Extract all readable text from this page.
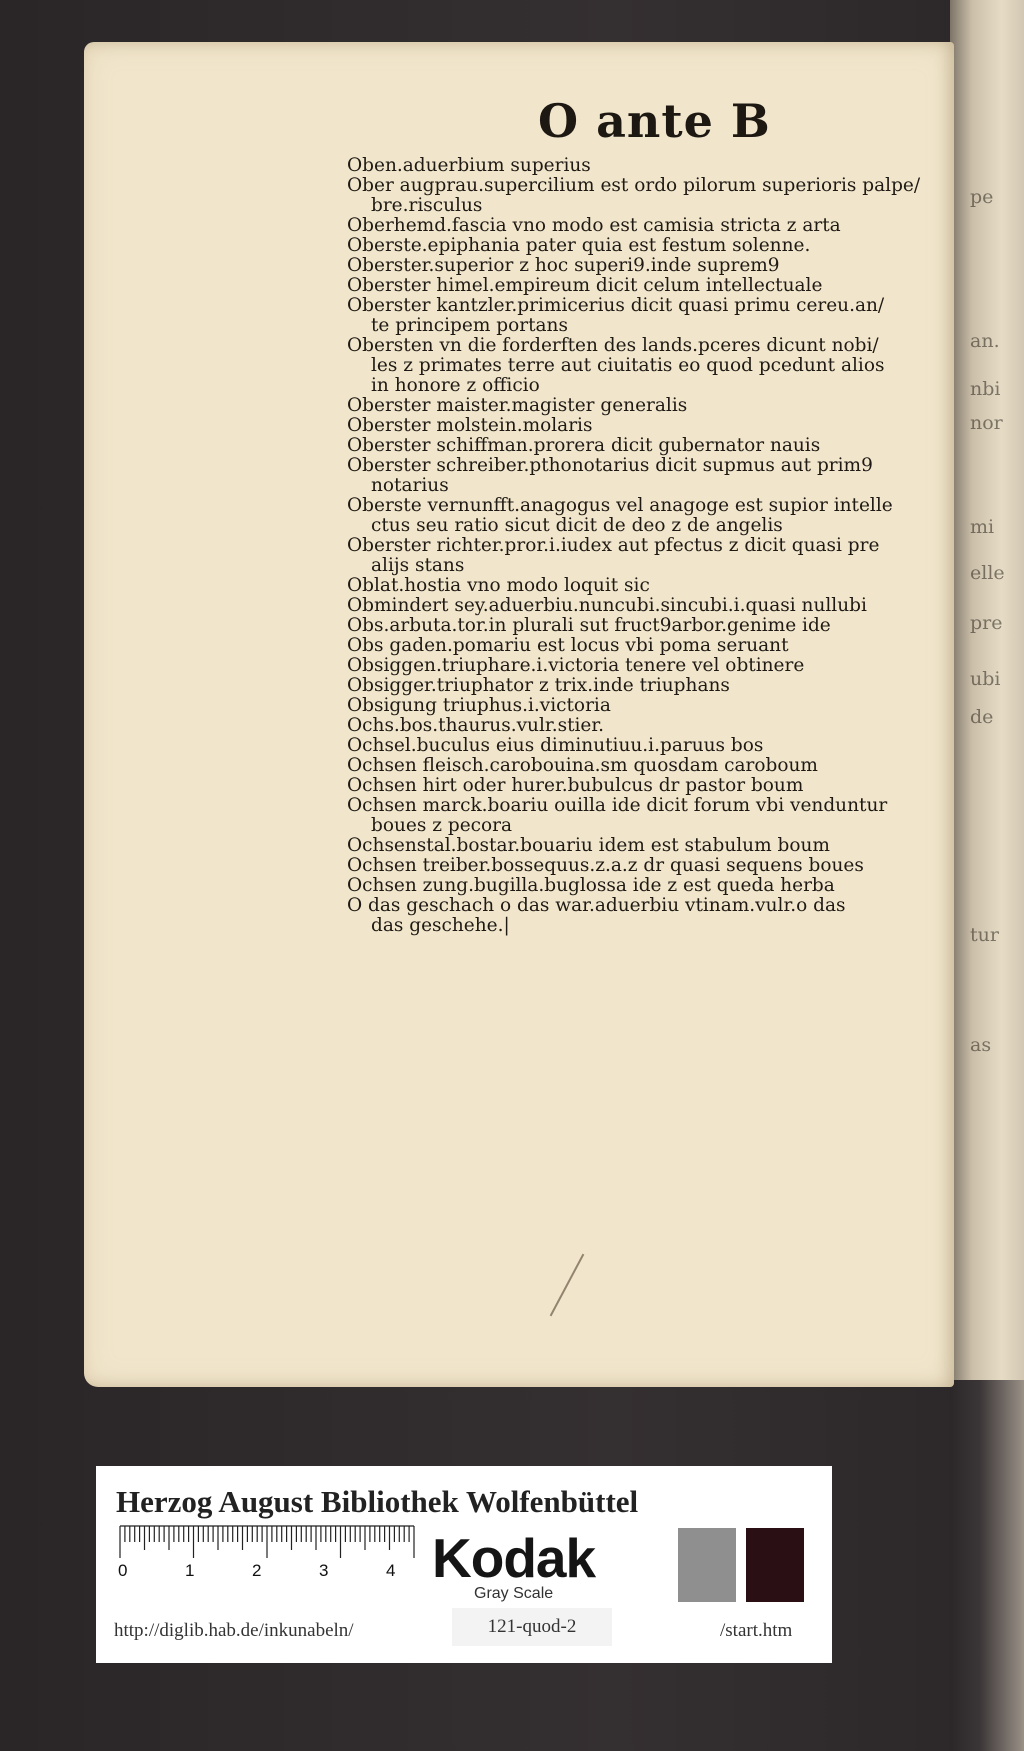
pe
an.
nbi
nor
mi
elle
pre
ubi
de
tur
as
O ante B
Oben.aduerbium superius
Ober augprau.supercilium est ordo pilorum superioris palpe/
bre.risculus
Oberhemd.fascia vno modo est camisia stricta z arta
Oberste.epiphania pater quia est festum solenne.
Oberster.superior z hoc superi9.inde suprem9
Oberster himel.empireum dicit celum intellectuale
Oberster kantzler.primicerius dicit quasi primu cereu.an/
te principem portans
Obersten vn die forderften des lands.pceres dicunt nobi/
les z primates terre aut ciuitatis eo quod pcedunt alios
in honore z officio
Oberster maister.magister generalis
Oberster molstein.molaris
Oberster schiffman.prorera dicit gubernator nauis
Oberster schreiber.pthonotarius dicit supmus aut prim9
notarius
Oberste vernunfft.anagogus vel anagoge est supior intelle
ctus seu ratio sicut dicit de deo z de angelis
Oberster richter.pror.i.iudex aut pfectus z dicit quasi pre
alijs stans
Oblat.hostia vno modo loquit sic
Obmindert sey.aduerbiu.nuncubi.sincubi.i.quasi nullubi
Obs.arbuta.tor.in plurali sut fruct9arbor.genime ide
Obs gaden.pomariu est locus vbi poma seruant
Obsiggen.triuphare.i.victoria tenere vel obtinere
Obsigger.triuphator z trix.inde triuphans
Obsigung triuphus.i.victoria
Ochs.bos.thaurus.vulr.stier.
Ochsel.buculus eius diminutiuu.i.paruus bos
Ochsen fleisch.carobouina.sm quosdam caroboum
Ochsen hirt oder hurer.bubulcus dr pastor boum
Ochsen marck.boariu ouilla ide dicit forum vbi venduntur
boues z pecora
Ochsenstal.bostar.bouariu idem est stabulum boum
Ochsen treiber.bossequus.z.a.z dr quasi sequens boues
Ochsen zung.bugilla.buglossa ide z est queda herba
O das geschach o das war.aduerbiu vtinam.vulr.o das
das geschehe.|
Herzog August Bibliothek Wolfenbüttel
0	1	2	3	4 Kodak
Gray Scale
http://diglib.hab.de/inkunabeln/	121-quod-2	/start.htm
